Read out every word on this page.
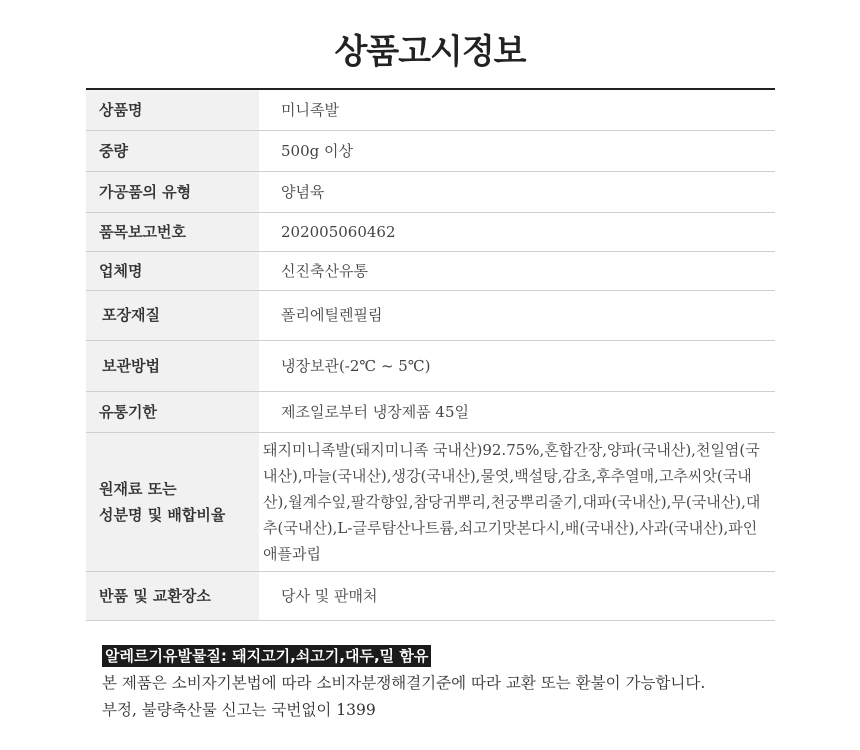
상품고시정보
상품명	미니족발
중량	500g 이상
가공품의 유형	양념육
품목보고번호	202005060462
업체명	신진축산유통
포장재질	폴리에틸렌필림
보관방법	냉장보관(-2℃ ~ 5℃)
유통기한	제조일로부터 냉장제품 45일

원재료 또는
성분명 및 배합비율	돼지미니족발(돼지미니족 국내산)92.75%,혼합간장,양파(국내산),천일염(국내산),마늘(국내산),생강(국내산),물엿,백설탕,감초,후추열매,고추씨앗(국내산),월계수잎,팔각향잎,참당귀뿌리,천궁뿌리줄기,대파(국내산),무(국내산),대추(국내산),L-글루탐산나트륨,쇠고기맛본다시,배(국내산),사과(국내산),파인애플과립
반품 및 교환장소	당사 및 판매처
알레르기유발물질: 돼지고기,쇠고기,대두,밀 함유
본 제품은 소비자기본법에 따라 소비자분쟁해결기준에 따라 교환 또는 환불이 가능합니다.
부정, 불량축산물 신고는 국번없이 1399
